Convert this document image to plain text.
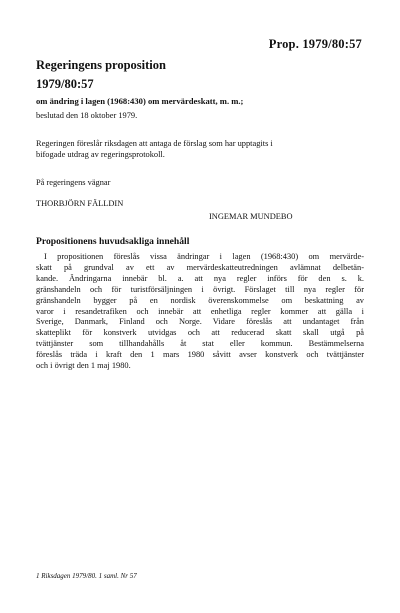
Prop. 1979/80:57
Regeringens proposition
1979/80:57
om ändring i lagen (1968:430) om mervärdeskatt, m. m.;
beslutad den 18 oktober 1979.
Regeringen föreslår riksdagen att antaga de förslag som har upptagits i
bifogade utdrag av regeringsprotokoll.
På regeringens vägnar
THORBJÖRN FÄLLDIN
INGEMAR MUNDEBO
Propositionens huvudsakliga innehåll
I propositionen föreslås vissa ändringar i lagen (1968:430) om mervärde-
skatt på grundval av ett av mervärdeskatteutredningen avlämnat delbetän-
kande. Ändringarna innebär bl. a. att nya regler införs för den s. k.
gränshandeln och för turistförsäljningen i övrigt. Förslaget till nya regler för
gränshandeln bygger på en nordisk överenskommelse om beskattning av
varor i resandetrafiken och innebär att enhetliga regler kommer att gälla i
Sverige, Danmark, Finland och Norge. Vidare föreslås att undantaget från
skatteplikt för konstverk utvidgas och att reducerad skatt skall utgå på
tvättjänster som tillhandahålls åt stat eller kommun. Bestämmelserna
föreslås träda i kraft den 1 mars 1980 såvitt avser konstverk och tvättjänster
och i övrigt den 1 maj 1980.
1 Riksdagen 1979/80. 1 saml. Nr 57
